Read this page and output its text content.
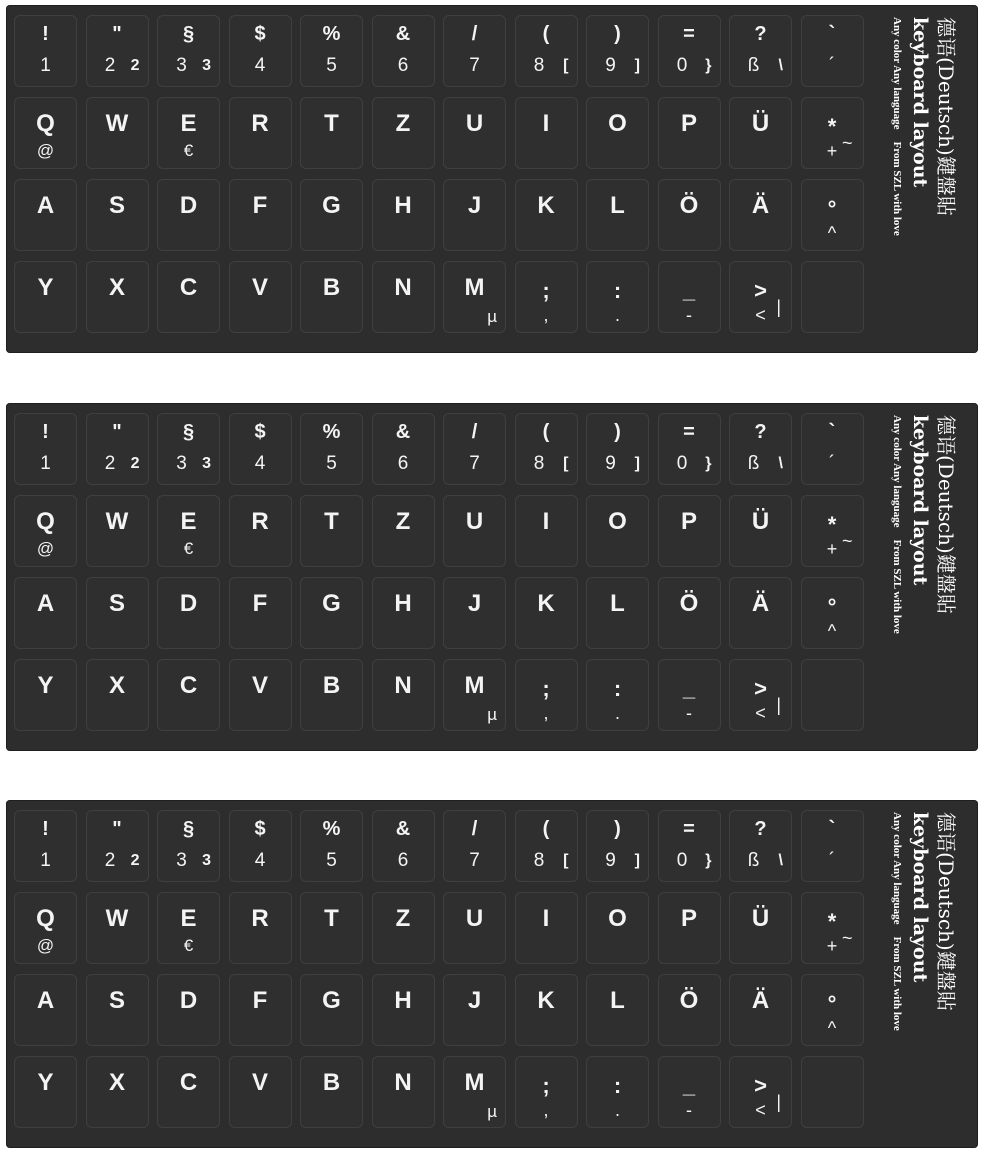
!
1
"
2 2
§
3 3
$
4
%
5
&
6
/
7
(
8	[
)
9	]
=
0	}
?
ß	\
`
´
Q
@
W	E
€
R	T	Z	U	I	O	P	Ü	*
+ ~
A	S	D	F	G	H	J	K	L	Ö	Ä	°
^
Y	X	C	V	B	N	M
µ
;
,
:
.
_
-
>
< |
德语(Deutsch)鍵盤貼
keyboard layout
Any color Any languageFrom SZL with love
!
1
"
2 2
§
3 3
$
4
%
5
&
6
/
7
(
8	[
)
9	]
=
0	}
?
ß	\
`
´
Q
@
W	E
€
R	T	Z	U	I	O	P	Ü	*
+ ~
A	S	D	F	G	H	J	K	L	Ö	Ä	°
^
Y	X	C	V	B	N	M
µ
;
,
:
.
_
-
>
< |
德语(Deutsch)鍵盤貼
keyboard layout
Any color Any languageFrom SZL with love
!
1
"
2 2
§
3 3
$
4
%
5
&
6
/
7
(
8	[
)
9	]
=
0	}
?
ß	\
`
´
Q
@
W	E
€
R	T	Z	U	I	O	P	Ü	*
+ ~
A	S	D	F	G	H	J	K	L	Ö	Ä	°
^
Y	X	C	V	B	N	M
µ
;
,
:
.
_
-
>
< |
德语(Deutsch)鍵盤貼
keyboard layout
Any color Any languageFrom SZL with love
